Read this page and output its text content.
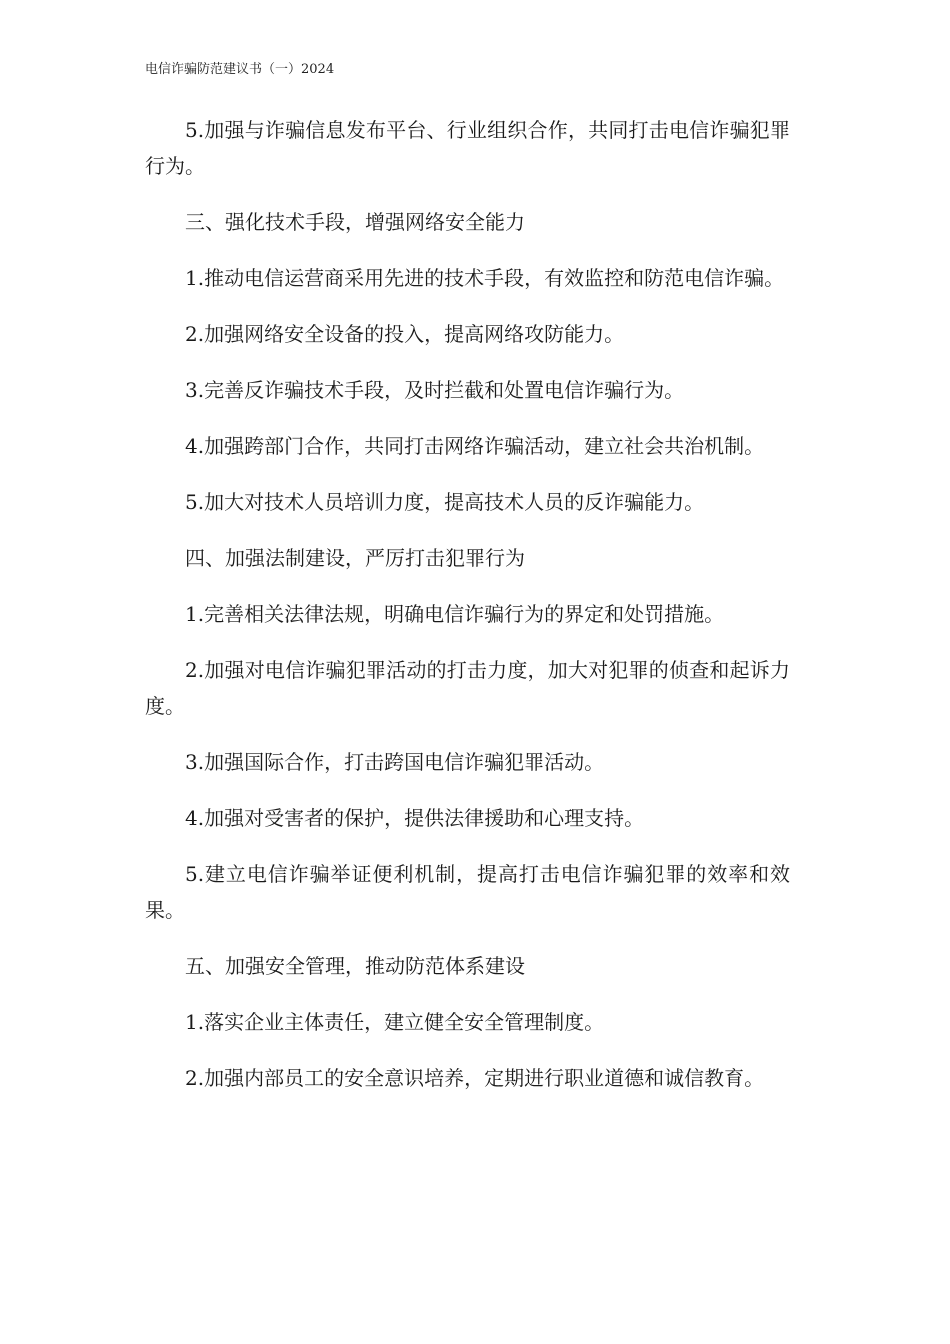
电信诈骗防范建议书（一）2024

5.加强与诈骗信息发布平台、行业组织合作，共同打击电信诈骗犯罪行为。

三、强化技术手段，增强网络安全能力

1.推动电信运营商采用先进的技术手段，有效监控和防范电信诈骗。

2.加强网络安全设备的投入，提高网络攻防能力。

3.完善反诈骗技术手段，及时拦截和处置电信诈骗行为。

4.加强跨部门合作，共同打击网络诈骗活动，建立社会共治机制。

5.加大对技术人员培训力度，提高技术人员的反诈骗能力。

四、加强法制建设，严厉打击犯罪行为

1.完善相关法律法规，明确电信诈骗行为的界定和处罚措施。

2.加强对电信诈骗犯罪活动的打击力度，加大对犯罪的侦查和起诉力度。

3.加强国际合作，打击跨国电信诈骗犯罪活动。

4.加强对受害者的保护，提供法律援助和心理支持。

5.建立电信诈骗举证便利机制，提高打击电信诈骗犯罪的效率和效果。

五、加强安全管理，推动防范体系建设

1.落实企业主体责任，建立健全安全管理制度。

2.加强内部员工的安全意识培养，定期进行职业道德和诚信教育。
